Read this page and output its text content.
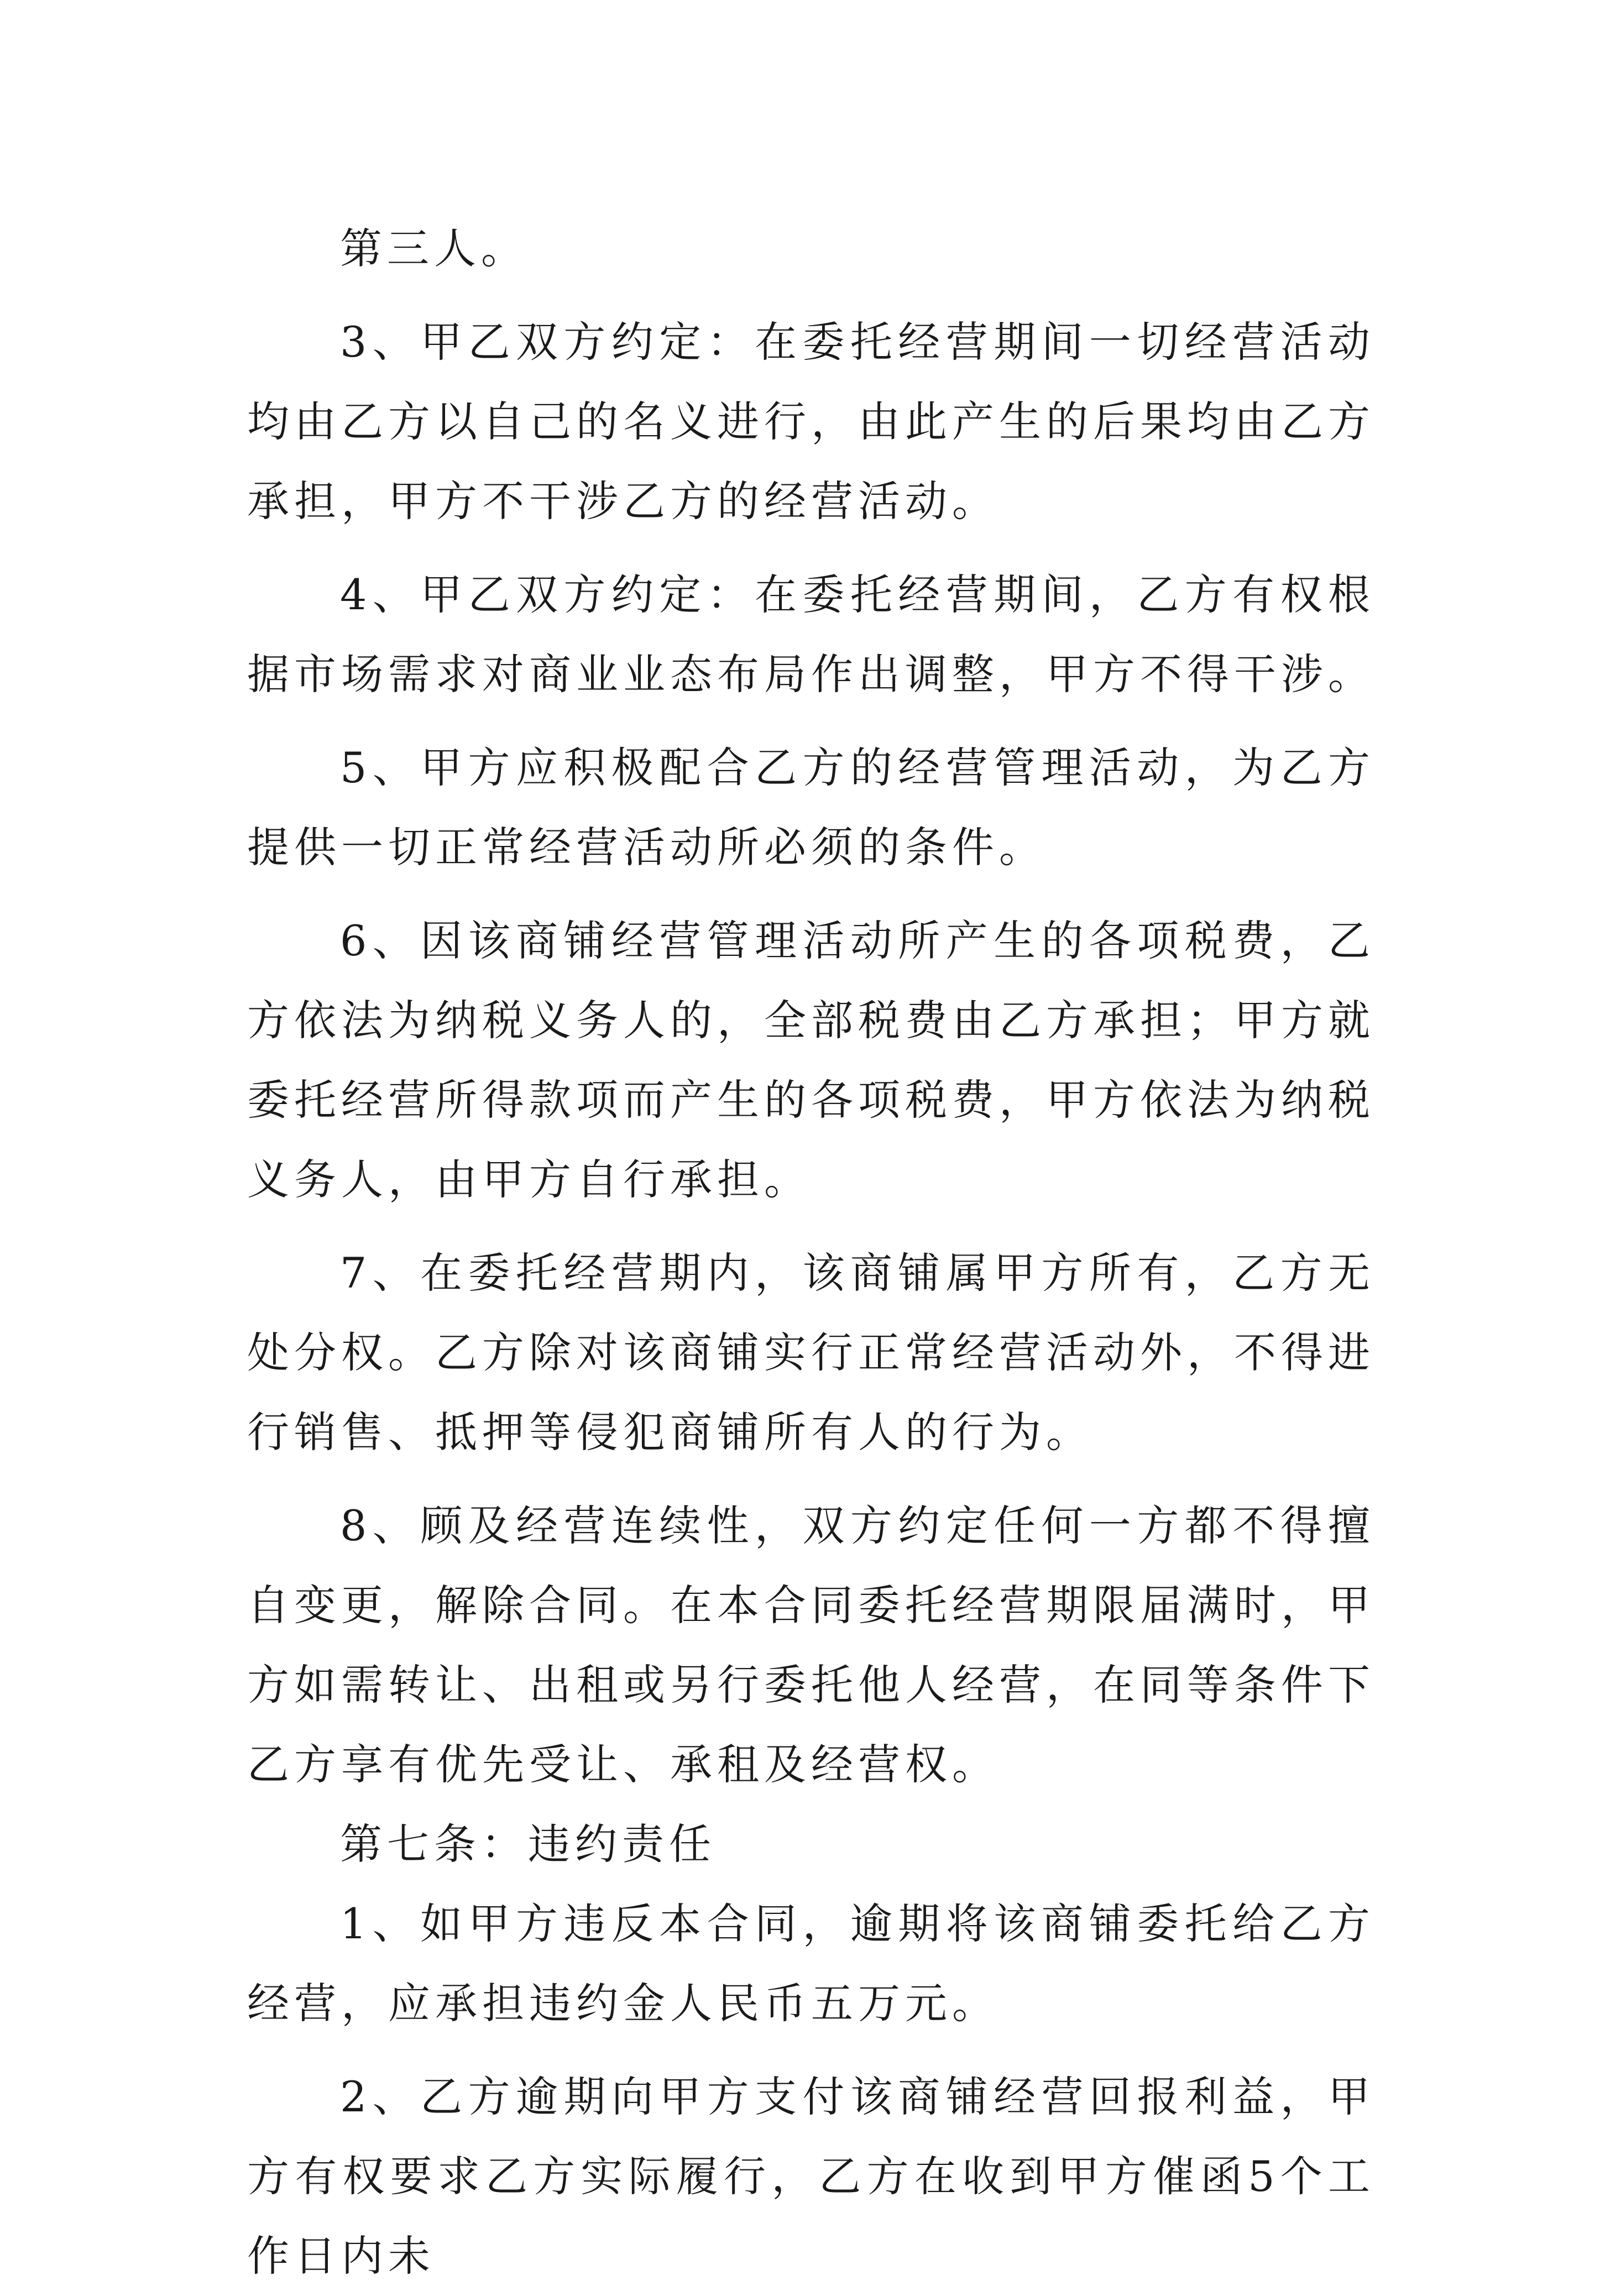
第三人。

3、甲乙双方约定：在委托经营期间一切经营活动均由乙方以自己的名义进行，由此产生的后果均由乙方承担，甲方不干涉乙方的经营活动。

4、甲乙双方约定：在委托经营期间，乙方有权根据市场需求对商业业态布局作出调整，甲方不得干涉。

5、甲方应积极配合乙方的经营管理活动，为乙方提供一切正常经营活动所必须的条件。

6、因该商铺经营管理活动所产生的各项税费，乙方依法为纳税义务人的，全部税费由乙方承担；甲方就委托经营所得款项而产生的各项税费，甲方依法为纳税义务人，由甲方自行承担。

7、在委托经营期内，该商铺属甲方所有，乙方无处分权。乙方除对该商铺实行正常经营活动外，不得进行销售、抵押等侵犯商铺所有人的行为。

8、顾及经营连续性，双方约定任何一方都不得擅自变更，解除合同。在本合同委托经营期限届满时，甲方如需转让、出租或另行委托他人经营，在同等条件下乙方享有优先受让、承租及经营权。

第七条：违约责任

1、如甲方违反本合同，逾期将该商铺委托给乙方经营，应承担违约金人民币五万元。

2、乙方逾期向甲方支付该商铺经营回报利益，甲方有权要求乙方实际履行，乙方在收到甲方催函5个工作日内未
